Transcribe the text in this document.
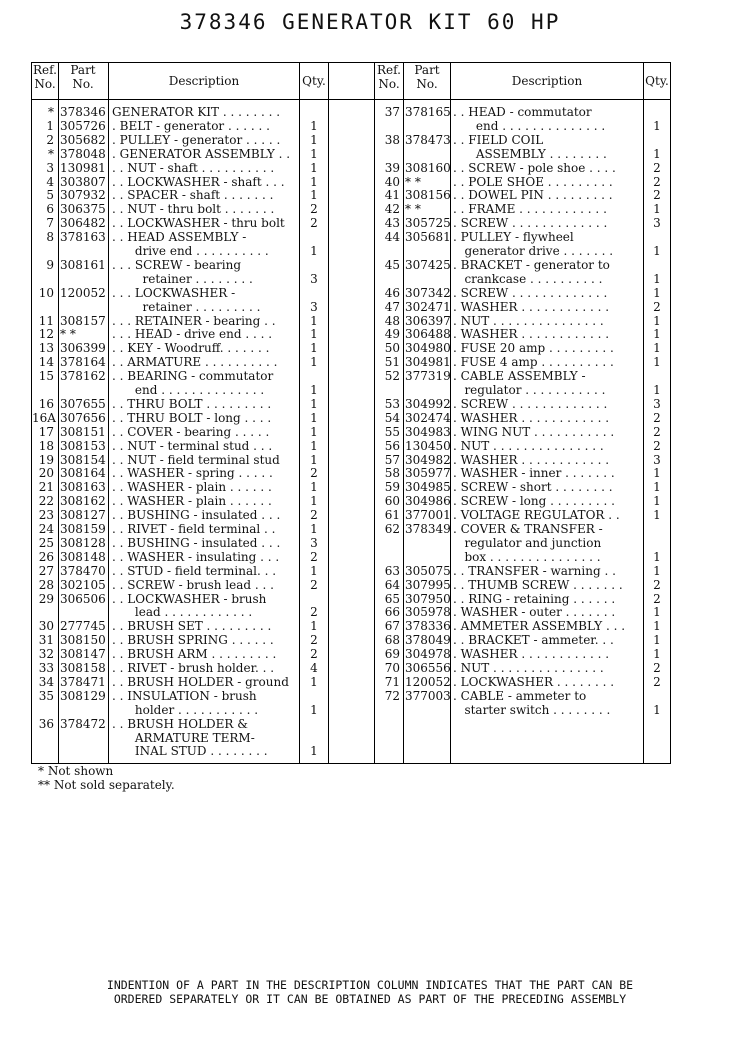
378346 GENERATOR KIT 60 HP
Ref.
No.
Part
No.	Description	Qty.
Ref.
No.
Part
No.	Description	Qty.
* 378346 GENERATOR KIT . . . . . . . .
1 305726 . BELT - generator . . . . . .	1
2 305682 . PULLEY - generator . . . . .	1
* 378048 . GENERATOR ASSEMBLY . .	1
3 130981 . . NUT - shaft . . . . . . . . . .	1
4 303807 . . LOCKWASHER - shaft . . .	1
5 307932 . . SPACER - shaft . . . . . . .	1
6 306375 . . NUT - thru bolt . . . . . . .	2
7 306482 . . LOCKWASHER - thru bolt	2
8 378163 . . HEAD ASSEMBLY -
drive end . . . . . . . . . .	1
9 308161 . . . SCREW - bearing
retainer . . . . . . . .	3
10 120052 . . . LOCKWASHER -
retainer . . . . . . . . .	3
11 308157 . . . RETAINER - bearing . .	1
12 * *	. . . HEAD - drive end . . . .	1
13 306399 . . KEY - Woodruff. . . . . . .	1
14 378164 . . ARMATURE . . . . . . . . . .	1
15 378162 . . BEARING - commutator
end . . . . . . . . . . . . . .	1
16 307655 . . THRU BOLT . . . . . . . . .	1
16A 307656 . . THRU BOLT - long . . . .	1
17 308151 . . COVER - bearing . . . . .	1
18 308153 . . NUT - terminal stud . . .	1
19 308154 . . NUT - field terminal stud	1
20 308164 . . WASHER - spring . . . . .	2
21 308163 . . WASHER - plain . . . . . .	1
22 308162 . . WASHER - plain . . . . . .	1
23 308127 . . BUSHING - insulated . . .	2
24 308159 . . RIVET - field terminal . .	1
25 308128 . . BUSHING - insulated . . .	3
26 308148 . . WASHER - insulating . . .	2
27 378470 . . STUD - field terminal. . .	1
28 302105 . . SCREW - brush lead . . .	2
29 306506 . . LOCKWASHER - brush
lead . . . . . . . . . . . .	2
30 277745 . . BRUSH SET . . . . . . . . .	1
31 308150 . . BRUSH SPRING . . . . . .	2
32 308147 . . BRUSH ARM . . . . . . . . .	2
33 308158 . . RIVET - brush holder. . .	4
34 378471 . . BRUSH HOLDER - ground	1
35 308129 . . INSULATION - brush
holder . . . . . . . . . . .	1
36 378472 . . BRUSH HOLDER &
ARMATURE TERM-
INAL STUD . . . . . . . .	1
37 378165 . . HEAD - commutator
end . . . . . . . . . . . . . .	1
38 378473 . . FIELD COIL
ASSEMBLY . . . . . . . .	1
39 308160 . . SCREW - pole shoe . . . .	2
40 * *	. . POLE SHOE . . . . . . . . .	2
41 308156 . . DOWEL PIN . . . . . . . . .	2
42 * *	. . FRAME . . . . . . . . . . . .	1
43 305725 . SCREW . . . . . . . . . . . . .	3
44 305681 . PULLEY - flywheel
generator drive . . . . . . .	1
45 307425 . BRACKET - generator to
crankcase . . . . . . . . . .	1
46 307342 . SCREW . . . . . . . . . . . . .	1
47 302471 . WASHER . . . . . . . . . . . .	2
48 306397 . NUT . . . . . . . . . . . . . . .	1
49 306488 . WASHER . . . . . . . . . . . .	1
50 304980 . FUSE 20 amp . . . . . . . . .	1
51 304981 . FUSE 4 amp . . . . . . . . . .	1
52 377319 . CABLE ASSEMBLY -
regulator . . . . . . . . . . .	1
53 304992 . SCREW . . . . . . . . . . . . .	3
54 302474 . WASHER . . . . . . . . . . . .	2
55 304983 . WING NUT . . . . . . . . . . .	2
56 130450 . NUT . . . . . . . . . . . . . . .	2
57 304982 . WASHER . . . . . . . . . . . .	3
58 305977 . WASHER - inner . . . . . . .	1
59 304985 . SCREW - short . . . . . . . .	1
60 304986 . SCREW - long . . . . . . . . .	1
61 377001 . VOLTAGE REGULATOR . .	1
62 378349 . COVER & TRANSFER -
regulator and junction
box . . . . . . . . . . . . . . .	1
63 305075 . . TRANSFER - warning . .	1
64 307995 . . THUMB SCREW . . . . . . .	2
65 307950 . . RING - retaining . . . . . .	2
66 305978 . WASHER - outer . . . . . . .	1
67 378336 . AMMETER ASSEMBLY . . .	1
68 378049 . . BRACKET - ammeter. . .	1
69 304978 . WASHER . . . . . . . . . . . .	1
70 306556 . NUT . . . . . . . . . . . . . . .	2
71 120052 . LOCKWASHER . . . . . . . .	2
72 377003 . CABLE - ammeter to
starter switch . . . . . . . .	1
* Not shown
** Not sold separately.
INDENTION OF A PART IN THE DESCRIPTION COLUMN INDICATES THAT THE PART CAN BE
ORDERED SEPARATELY OR IT CAN BE OBTAINED AS PART OF THE PRECEDING ASSEMBLY
